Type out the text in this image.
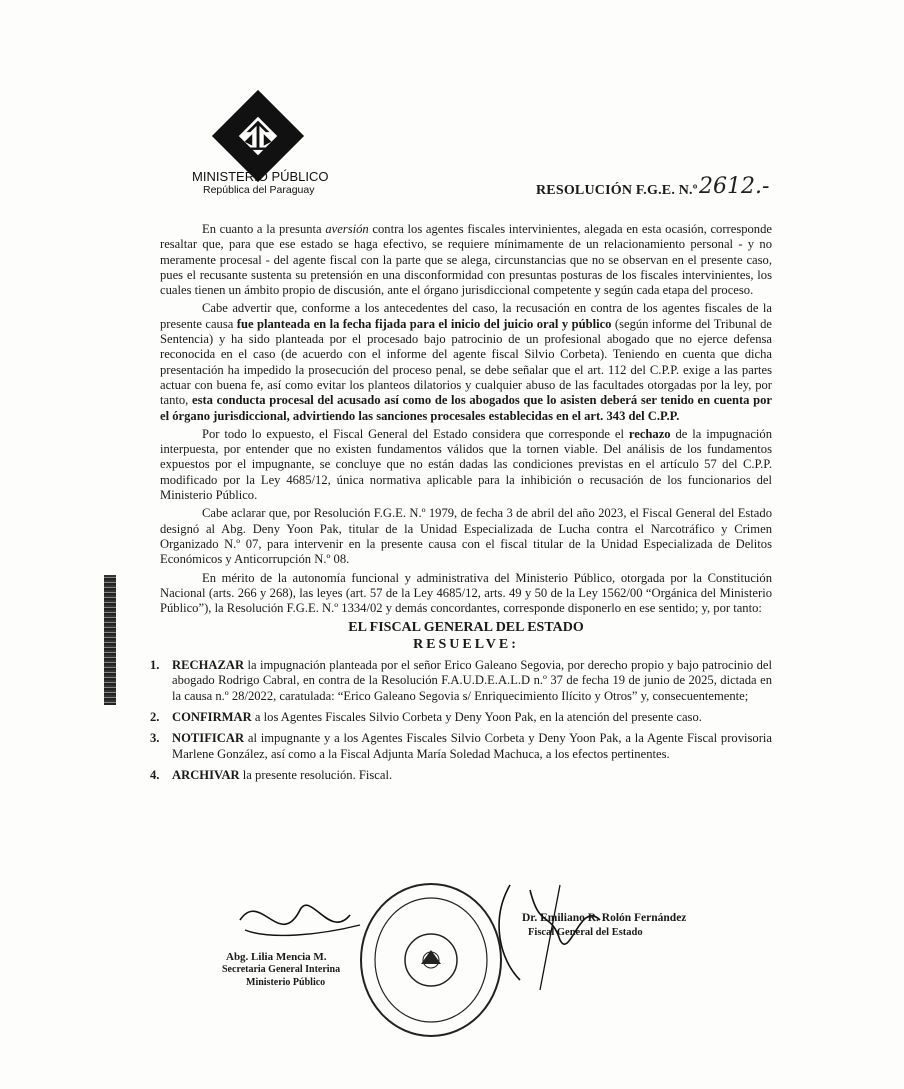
MINISTERIO PÚBLICO
República del Paraguay	RESOLUCIÓN F.G.E. N.º 2612.-

En cuanto a la presunta aversión contra los agentes fiscales intervinientes, alegada en esta ocasión, corresponde resaltar que, para que ese estado se haga efectivo, se requiere mínimamente de un relacionamiento personal - y no meramente procesal - del agente fiscal con la parte que se alega, circunstancias que no se observan en el presente caso, pues el recusante sustenta su pretensión en una disconformidad con presuntas posturas de los fiscales intervinientes, los cuales tienen un ámbito propio de discusión, ante el órgano jurisdiccional competente y según cada etapa del proceso.

Cabe advertir que, conforme a los antecedentes del caso, la recusación en contra de los agentes fiscales de la presente causa fue planteada en la fecha fijada para el inicio del juicio oral y público (según informe del Tribunal de Sentencia) y ha sido planteada por el procesado bajo patrocinio de un profesional abogado que no ejerce defensa reconocida en el caso (de acuerdo con el informe del agente fiscal Silvio Corbeta). Teniendo en cuenta que dicha presentación ha impedido la prosecución del proceso penal, se debe señalar que el art. 112 del C.P.P. exige a las partes actuar con buena fe, así como evitar los planteos dilatorios y cualquier abuso de las facultades otorgadas por la ley, por tanto, esta conducta procesal del acusado así como de los abogados que lo asisten deberá ser tenido en cuenta por el órgano jurisdiccional, advirtiendo las sanciones procesales establecidas en el art. 343 del C.P.P.

Por todo lo expuesto, el Fiscal General del Estado considera que corresponde el rechazo de la impugnación interpuesta, por entender que no existen fundamentos válidos que la tornen viable. Del análisis de los fundamentos expuestos por el impugnante, se concluye que no están dadas las condiciones previstas en el artículo 57 del C.P.P. modificado por la Ley 4685/12, única normativa aplicable para la inhibición o recusación de los funcionarios del Ministerio Público.

Cabe aclarar que, por Resolución F.G.E. N.º 1979, de fecha 3 de abril del año 2023, el Fiscal General del Estado designó al Abg. Deny Yoon Pak, titular de la Unidad Especializada de Lucha contra el Narcotráfico y Crimen Organizado N.º 07, para intervenir en la presente causa con el fiscal titular de la Unidad Especializada de Delitos Económicos y Anticorrupción N.º 08.

En mérito de la autonomía funcional y administrativa del Ministerio Público, otorgada por la Constitución Nacional (arts. 266 y 268), las leyes (art. 57 de la Ley 4685/12, arts. 49 y 50 de la Ley 1562/00 “Orgánica del Ministerio Público”), la Resolución F.G.E. N.º 1334/02 y demás concordantes, corresponde disponerlo en ese sentido; y, por tanto:

EL FISCAL GENERAL DEL ESTADO
RESUELVE:
1. RECHAZAR la impugnación planteada por el señor Erico Galeano Segovia, por derecho propio y bajo patrocinio del abogado Rodrigo Cabral, en contra de la Resolución F.A.U.D.E.A.L.D n.º 37 de fecha 19 de junio de 2025, dictada en la causa n.º 28/2022, caratulada: “Erico Galeano Segovia s/ Enriquecimiento Ilícito y Otros” y, consecuentemente;
2. CONFIRMAR a los Agentes Fiscales Silvio Corbeta y Deny Yoon Pak, en la atención del presente caso.
3. NOTIFICAR al impugnante y a los Agentes Fiscales Silvio Corbeta y Deny Yoon Pak, a la Agente Fiscal provisoria Marlene González, así como a la Fiscal Adjunta María Soledad Machuca, a los efectos pertinentes.
4. ARCHIVAR la presente resolución. Fiscal.
Abg. Lilia Mencia M.
Secretaria General Interina
Ministerio Público
Dr. Emiliano R. Rolón Fernández
Fiscal General del Estado
